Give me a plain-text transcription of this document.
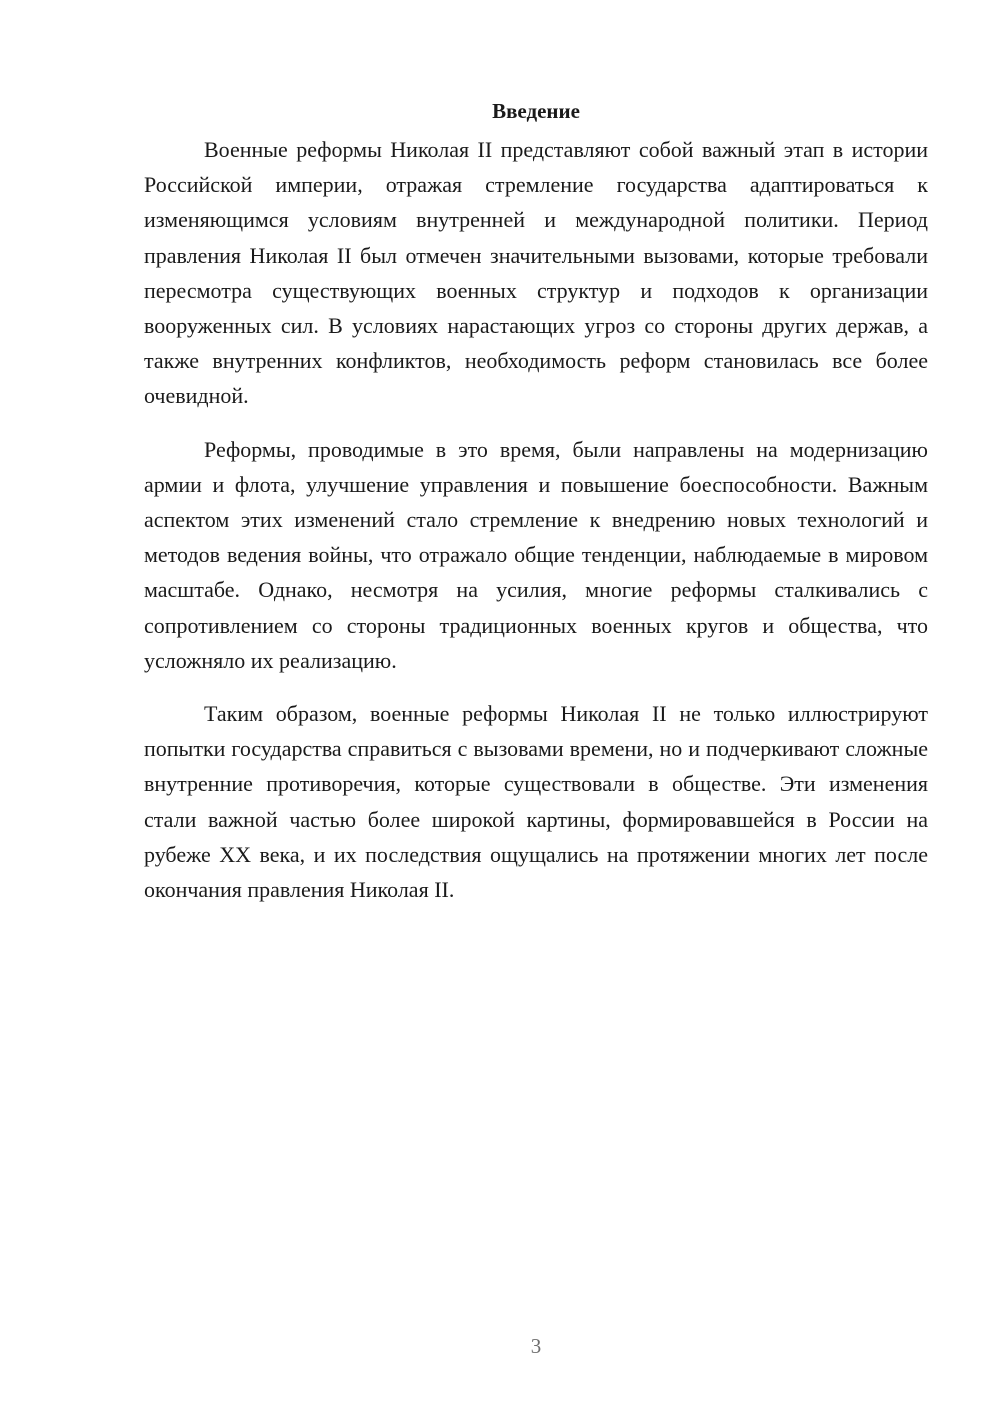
Введение

Военные реформы Николая II представляют собой важный этап в истории Российской империи, отражая стремление государства адаптироваться к изменяющимся условиям внутренней и международной политики. Период правления Николая II был отмечен значительными вызовами, которые требовали пересмотра существующих военных структур и подходов к организации вооруженных сил. В условиях нарастающих угроз со стороны других держав, а также внутренних конфликтов, необходимость реформ становилась все более очевидной.

Реформы, проводимые в это время, были направлены на модернизацию армии и флота, улучшение управления и повышение боеспособности. Важным аспектом этих изменений стало стремление к внедрению новых технологий и методов ведения войны, что отражало общие тенденции, наблюдаемые в мировом масштабе. Однако, несмотря на усилия, многие реформы сталкивались с сопротивлением со стороны традиционных военных кругов и общества, что усложняло их реализацию.

Таким образом, военные реформы Николая II не только иллюстрируют попытки государства справиться с вызовами времени, но и подчеркивают сложные внутренние противоречия, которые существовали в обществе. Эти изменения стали важной частью более широкой картины, формировавшейся в России на рубеже XX века, и их последствия ощущались на протяжении многих лет после окончания правления Николая II.

3
